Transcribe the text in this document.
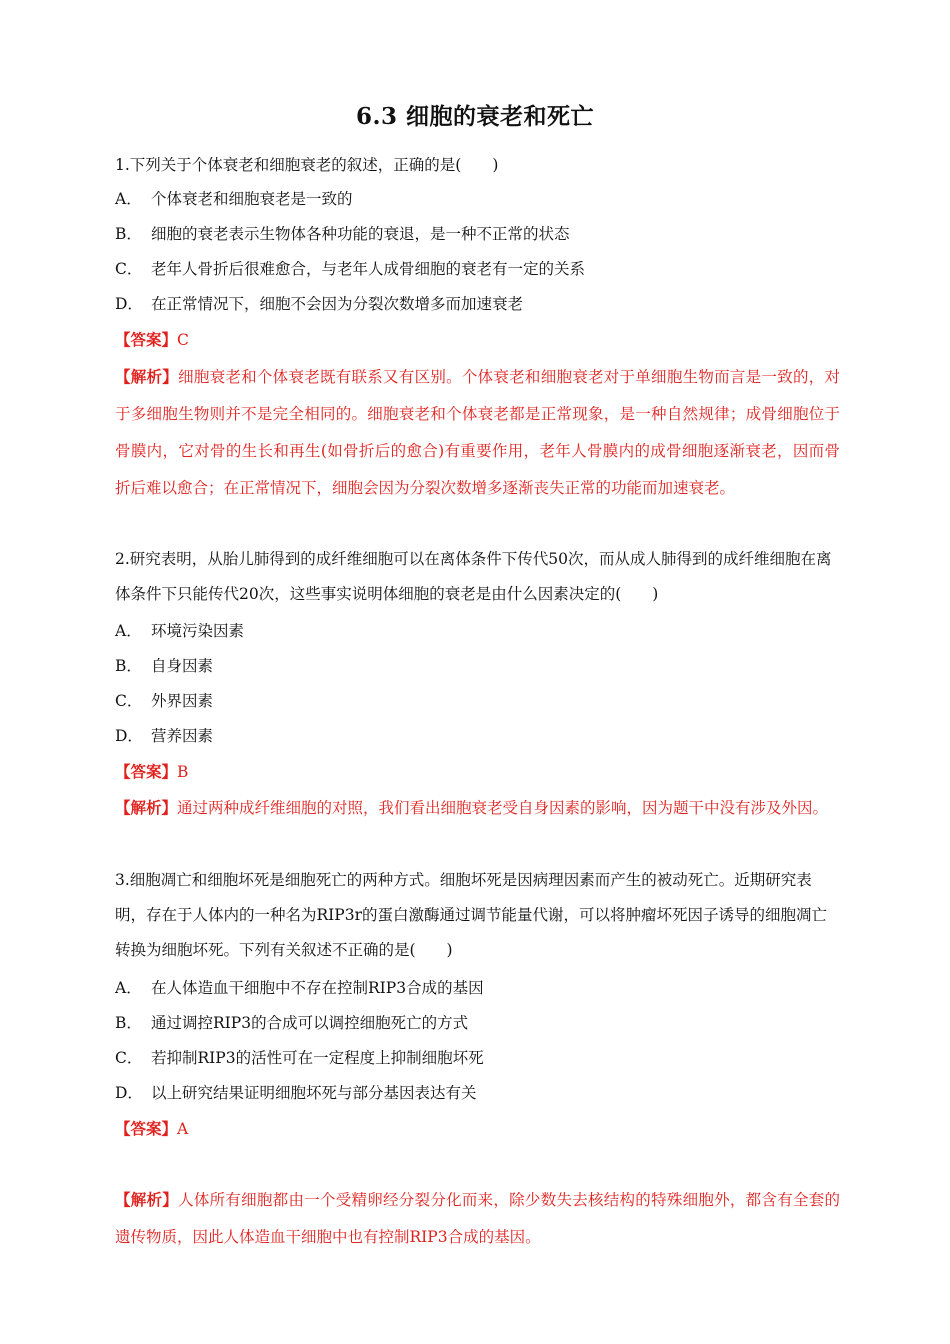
6.3 细胞的衰老和死亡

1.下列关于个体衰老和细胞衰老的叙述，正确的是(　　)

A． 个体衰老和细胞衰老是一致的
B． 细胞的衰老表示生物体各种功能的衰退，是一种不正常的状态
C． 老年人骨折后很难愈合，与老年人成骨细胞的衰老有一定的关系
D． 在正常情况下，细胞不会因为分裂次数增多而加速衰老
【答案】C

【解析】细胞衰老和个体衰老既有联系又有区别。个体衰老和细胞衰老对于单细胞生物而言是一致的，对于多细胞生物则并不是完全相同的。细胞衰老和个体衰老都是正常现象，是一种自然规律；成骨细胞位于骨膜内，它对骨的生长和再生(如骨折后的愈合)有重要作用，老年人骨膜内的成骨细胞逐渐衰老，因而骨折后难以愈合；在正常情况下，细胞会因为分裂次数增多逐渐丧失正常的功能而加速衰老。

2.研究表明，从胎儿肺得到的成纤维细胞可以在离体条件下传代50次，而从成人肺得到的成纤维细胞在离体条件下只能传代20次，这些事实说明体细胞的衰老是由什么因素决定的(　　)

A． 环境污染因素
B． 自身因素
C． 外界因素
D． 营养因素
【答案】B

【解析】通过两种成纤维细胞的对照，我们看出细胞衰老受自身因素的影响，因为题干中没有涉及外因。

3.细胞凋亡和细胞坏死是细胞死亡的两种方式。细胞坏死是因病理因素而产生的被动死亡。近期研究表明，存在于人体内的一种名为RIP3r的蛋白激酶通过调节能量代谢，可以将肿瘤坏死因子诱导的细胞凋亡转换为细胞坏死。下列有关叙述不正确的是(　　)

A． 在人体造血干细胞中不存在控制RIP3合成的基因
B． 通过调控RIP3的合成可以调控细胞死亡的方式
C． 若抑制RIP3的活性可在一定程度上抑制细胞坏死
D． 以上研究结果证明细胞坏死与部分基因表达有关
【答案】A

【解析】人体所有细胞都由一个受精卵经分裂分化而来，除少数失去核结构的特殊细胞外，都含有全套的遗传物质，因此人体造血干细胞中也有控制RIP3合成的基因。
